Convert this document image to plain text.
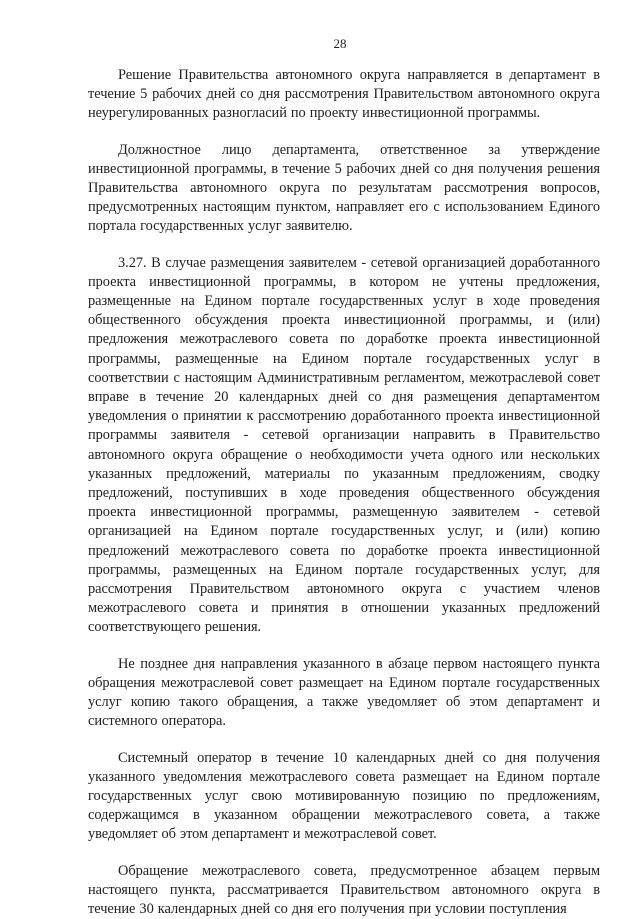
28

Решение Правительства автономного округа направляется в департамент в течение 5 рабочих дней со дня рассмотрения Правительством автономного округа неурегулированных разногласий по проекту инвестиционной программы.

Должностное лицо департамента, ответственное за утверждение инвестиционной программы, в течение 5 рабочих дней со дня получения решения Правительства автономного округа по результатам рассмотрения вопросов, предусмотренных настоящим пунктом, направляет его с использованием Единого портала государственных услуг заявителю.

3.27. В случае размещения заявителем - сетевой организацией доработанного проекта инвестиционной программы, в котором не учтены предложения, размещенные на Едином портале государственных услуг в ходе проведения общественного обсуждения проекта инвестиционной программы, и (или) предложения межотраслевого совета по доработке проекта инвестиционной программы, размещенные на Едином портале государственных услуг в соответствии с настоящим Административным регламентом, межотраслевой совет вправе в течение 20 календарных дней со дня размещения департаментом уведомления о принятии к рассмотрению доработанного проекта инвестиционной программы заявителя - сетевой организации направить в Правительство автономного округа обращение о необходимости учета одного или нескольких указанных предложений, материалы по указанным предложениям, сводку предложений, поступивших в ходе проведения общественного обсуждения проекта инвестиционной программы, размещенную заявителем - сетевой организацией на Едином портале государственных услуг, и (или) копию предложений межотраслевого совета по доработке проекта инвестиционной программы, размещенных на Едином портале государственных услуг, для рассмотрения Правительством автономного округа с участием членов межотраслевого совета и принятия в отношении указанных предложений соответствующего решения.

Не позднее дня направления указанного в абзаце первом настоящего пункта обращения межотраслевой совет размещает на Едином портале государственных услуг копию такого обращения, а также уведомляет об этом департамент и системного оператора.

Системный оператор в течение 10 календарных дней со дня получения указанного уведомления межотраслевого совета размещает на Едином портале государственных услуг свою мотивированную позицию по предложениям, содержащимся в указанном обращении межотраслевого совета, а также уведомляет об этом департамент и межотраслевой совет.

Обращение межотраслевого совета, предусмотренное абзацем первым настоящего пункта, рассматривается Правительством автономного округа в течение 30 календарных дней со дня его получения при условии поступления
